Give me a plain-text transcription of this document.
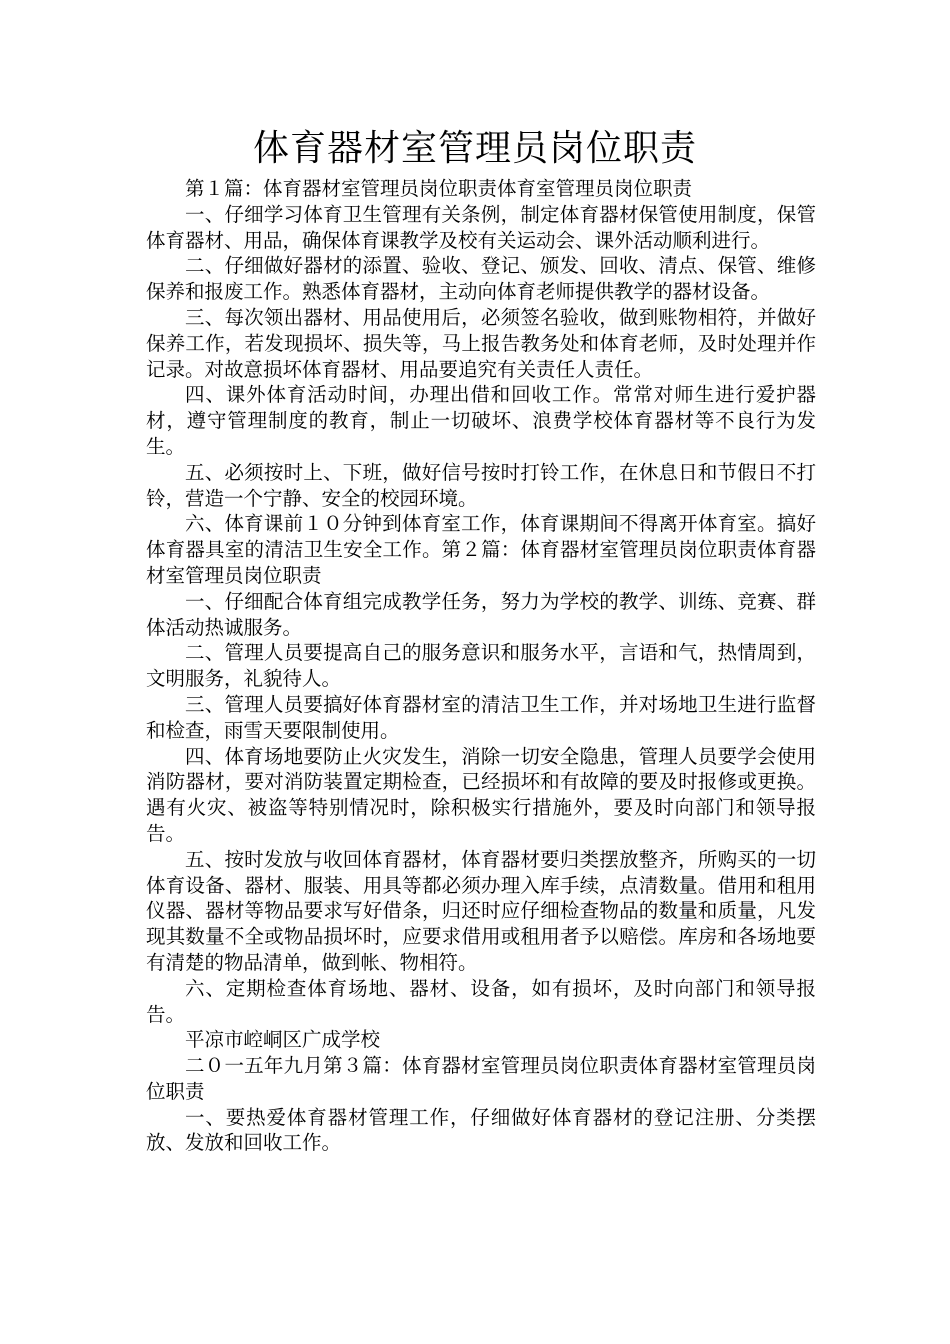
体育器材室管理员岗位职责

第１篇：体育器材室管理员岗位职责体育室管理员岗位职责

一、仔细学习体育卫生管理有关条例，制定体育器材保管使用制度，保管体育器材、用品，确保体育课教学及校有关运动会、课外活动顺利进行。

二、仔细做好器材的添置、验收、登记、颁发、回收、清点、保管、维修保养和报废工作。熟悉体育器材，主动向体育老师提供教学的器材设备。

三、每次领出器材、用品使用后，必须签名验收，做到账物相符，并做好保养工作，若发现损坏、损失等，马上报告教务处和体育老师，及时处理并作记录。对故意损坏体育器材、用品要追究有关责任人责任。

四、课外体育活动时间，办理出借和回收工作。常常对师生进行爱护器材，遵守管理制度的教育，制止一切破坏、浪费学校体育器材等不良行为发生。

五、必须按时上、下班，做好信号按时打铃工作，在休息日和节假日不打铃，营造一个宁静、安全的校园环境。

六、体育课前１０分钟到体育室工作，体育课期间不得离开体育室。搞好体育器具室的清洁卫生安全工作。第２篇：体育器材室管理员岗位职责体育器材室管理员岗位职责

一、仔细配合体育组完成教学任务，努力为学校的教学、训练、竞赛、群体活动热诚服务。

二、管理人员要提高自己的服务意识和服务水平，言语和气，热情周到，文明服务，礼貌待人。

三、管理人员要搞好体育器材室的清洁卫生工作，并对场地卫生进行监督和检查，雨雪天要限制使用。

四、体育场地要防止火灾发生，消除一切安全隐患，管理人员要学会使用消防器材，要对消防装置定期检查，已经损坏和有故障的要及时报修或更换。遇有火灾、被盗等特别情况时，除积极实行措施外，要及时向部门和领导报告。

五、按时发放与收回体育器材，体育器材要归类摆放整齐，所购买的一切体育设备、器材、服装、用具等都必须办理入库手续，点清数量。借用和租用仪器、器材等物品要求写好借条，归还时应仔细检查物品的数量和质量，凡发现其数量不全或物品损坏时，应要求借用或租用者予以赔偿。库房和各场地要有清楚的物品清单，做到帐、物相符。

六、定期检查体育场地、器材、设备，如有损坏，及时向部门和领导报告。

平凉市崆峒区广成学校

二０一五年九月第３篇：体育器材室管理员岗位职责体育器材室管理员岗位职责

一、要热爱体育器材管理工作，仔细做好体育器材的登记注册、分类摆放、发放和回收工作。
